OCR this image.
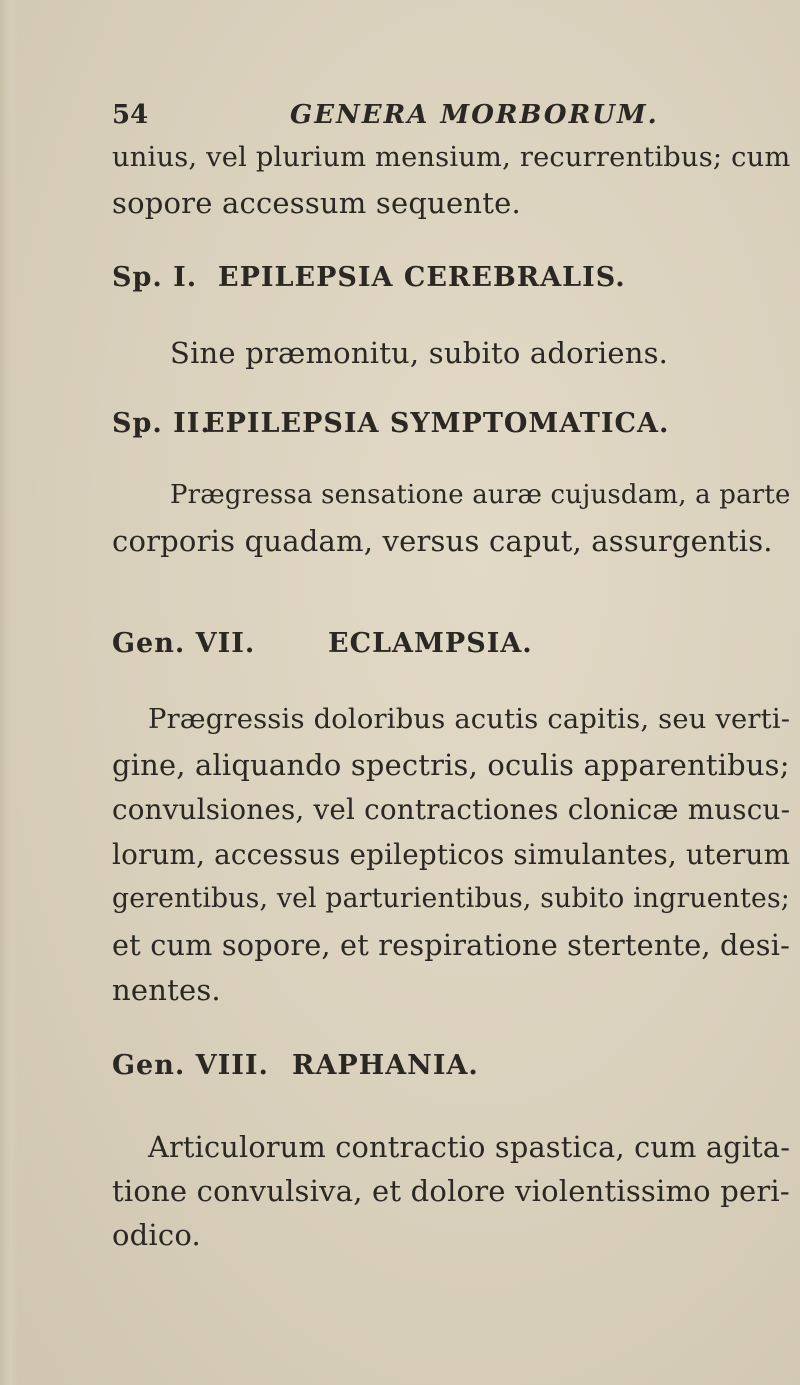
54	GENERA MORBORUM.
unius, vel plurium mensium, recurrentibus; cum
sopore accessum sequente.
Sp. I. EPILEPSIA CEREBRALIS.
Sine præmonitu, subito adoriens.
Sp. II.
EPILEPSIA SYMPTOMATICA.
Prægressa sensatione auræ cujusdam, a parte
corporis quadam, versus caput, assurgentis.
Gen. VII.	ECLAMPSIA.
Prægressis doloribus acutis capitis, seu verti-
gine, aliquando spectris, oculis apparentibus;
convulsiones, vel contractiones clonicæ muscu-
lorum, accessus epilepticos simulantes, uterum
gerentibus, vel parturientibus, subito ingruentes;
et cum sopore, et respiratione stertente, desi-
nentes.
Gen. VIII. RAPHANIA.
Articulorum contractio spastica, cum agita-
tione convulsiva, et dolore violentissimo peri-
odico.
